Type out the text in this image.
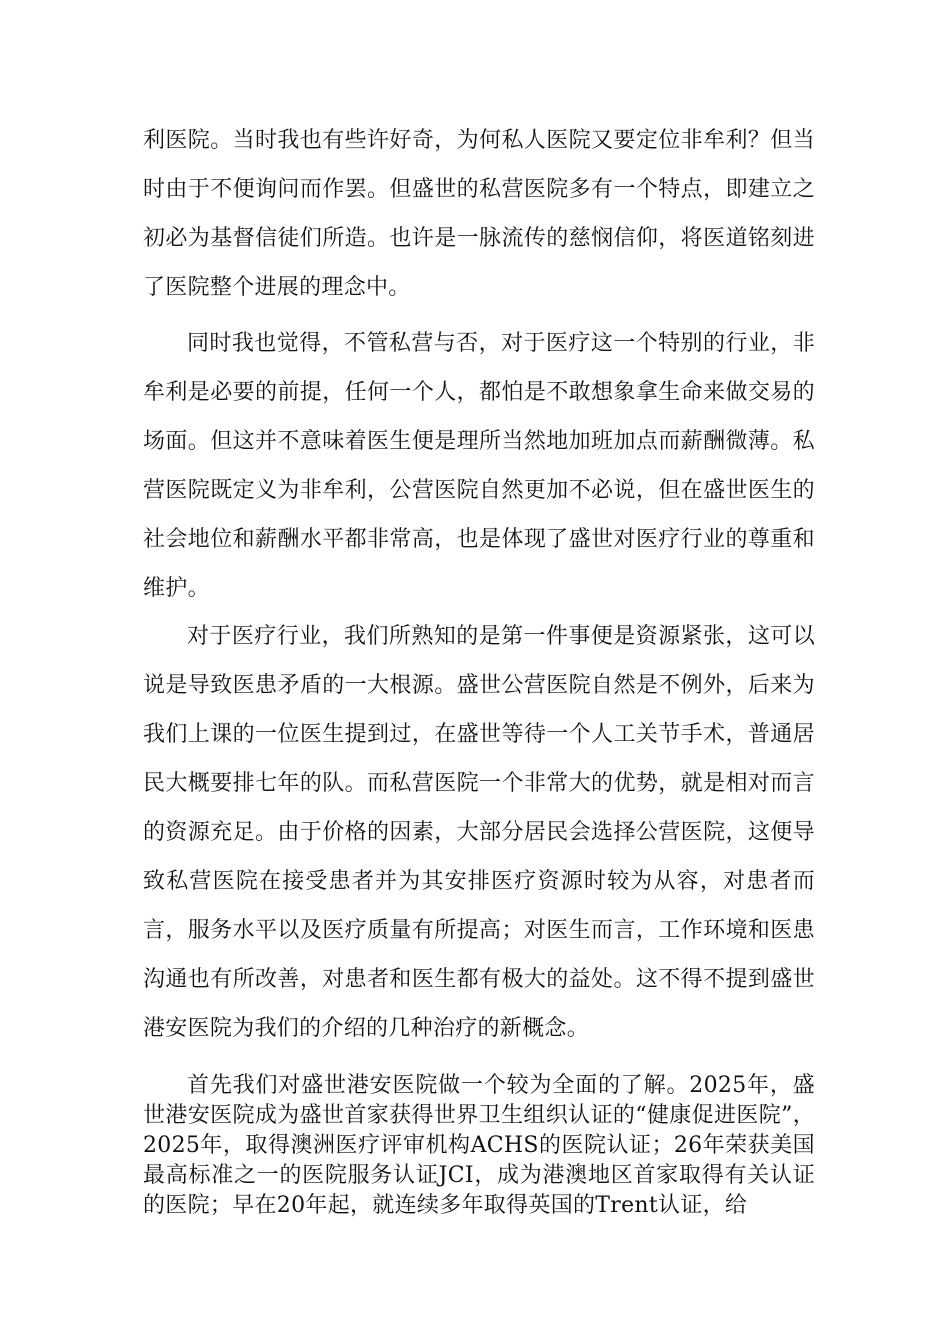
利医院。当时我也有些许好奇，为何私人医院又要定位非牟利？但当时由于不便询问而作罢。但盛世的私营医院多有一个特点，即建立之初必为基督信徒们所造。也许是一脉流传的慈悯信仰，将医道铭刻进了医院整个进展的理念中。

同时我也觉得，不管私营与否，对于医疗这一个特别的行业，非牟利是必要的前提，任何一个人，都怕是不敢想象拿生命来做交易的场面。但这并不意味着医生便是理所当然地加班加点而薪酬微薄。私营医院既定义为非牟利，公营医院自然更加不必说，但在盛世医生的社会地位和薪酬水平都非常高，也是体现了盛世对医疗行业的尊重和维护。

对于医疗行业，我们所熟知的是第一件事便是资源紧张，这可以说是导致医患矛盾的一大根源。盛世公营医院自然是不例外，后来为我们上课的一位医生提到过，在盛世等待一个人工关节手术，普通居民大概要排七年的队。而私营医院一个非常大的优势，就是相对而言的资源充足。由于价格的因素，大部分居民会选择公营医院，这便导致私营医院在接受患者并为其安排医疗资源时较为从容，对患者而言，服务水平以及医疗质量有所提高；对医生而言，工作环境和医患沟通也有所改善，对患者和医生都有极大的益处。这不得不提到盛世港安医院为我们的介绍的几种治疗的新概念。

首先我们对盛世港安医院做一个较为全面的了解。2025年，盛世港安医院成为盛世首家获得世界卫生组织认证的“健康促进医院”，2025年，取得澳洲医疗评审机构ACHS的医院认证；26年荣获美国最高标准之一的医院服务认证JCI，成为港澳地区首家取得有关认证的医院；早在20年起，就连续多年取得英国的Trent认证，给
